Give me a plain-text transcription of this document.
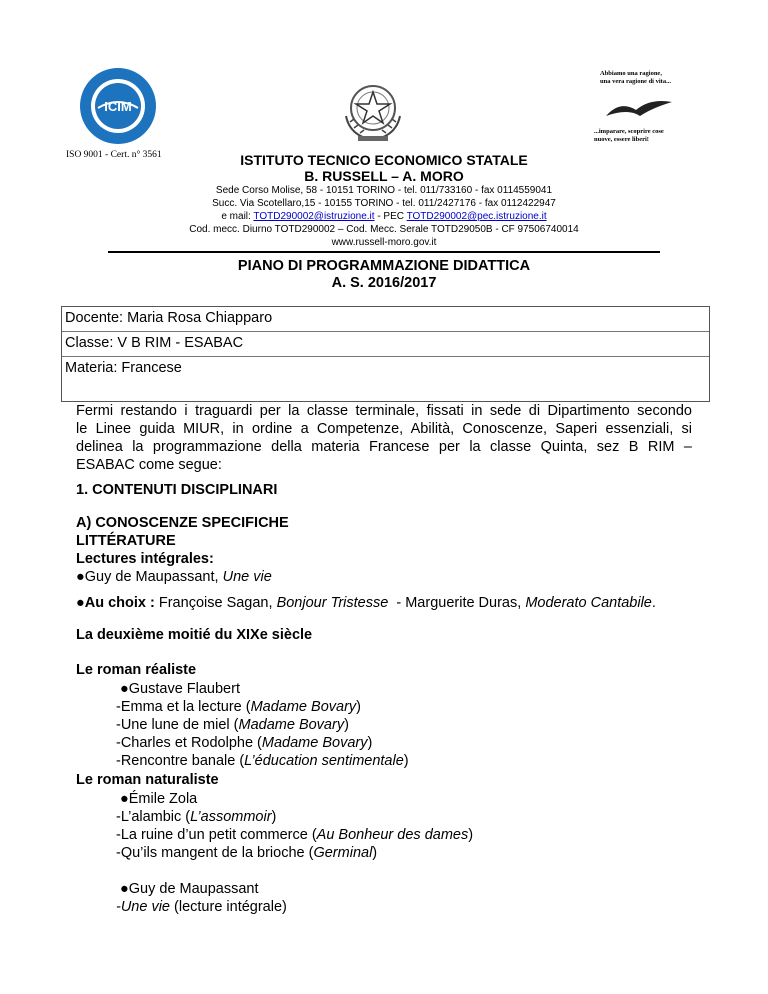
ICIM
ISO 9001 - Cert. n° 3561
Abbiamo una ragione, una vera ragione di vita...
...imparare, scoprire cose nuove, essere liberi!
ISTITUTO TECNICO ECONOMICO STATALE
B. RUSSELL – A. MORO
Sede Corso Molise, 58 - 10151 TORINO - tel. 011/733160 - fax 0114559041
Succ. Via Scotellaro,15 - 10155 TORINO - tel. 011/2427176 - fax 0112422947
e mail: TOTD290002@istruzione.it - PEC TOTD290002@pec.istruzione.it
Cod. mecc. Diurno TOTD290002 – Cod. Mecc. Serale TOTD29050B - CF 97506740014
www.russell-moro.gov.it
PIANO DI PROGRAMMAZIONE DIDATTICA
A. S. 2016/2017
Docente: Maria Rosa Chiapparo
Classe: V B RIM - ESABAC
Materia: Francese
Fermi restando i traguardi per la classe terminale, fissati in sede di Dipartimento secondo
le Linee guida MIUR, in ordine a Competenze, Abilità, Conoscenze, Saperi essenziali, si
delinea la programmazione della materia Francese per la classe Quinta, sez B RIM –
ESABAC come segue:
1. CONTENUTI DISCIPLINARI
A) CONOSCENZE SPECIFICHE
LITTÉRATURE
Lectures intégrales:
●Guy de Maupassant, Une vie
●Au choix : Françoise Sagan, Bonjour Tristesse  - Marguerite Duras, Moderato Cantabile.
La deuxième moitié du XIXe siècle
Le roman réaliste
●Gustave Flaubert
-Emma et la lecture (Madame Bovary)
-Une lune de miel (Madame Bovary)
-Charles et Rodolphe (Madame Bovary)
-Rencontre banale (L’éducation sentimentale)
Le roman naturaliste
●Émile Zola
-L’alambic (L’assommoir)
-La ruine d’un petit commerce (Au Bonheur des dames)
-Qu’ils mangent de la brioche (Germinal)
●Guy de Maupassant
-Une vie (lecture intégrale)
